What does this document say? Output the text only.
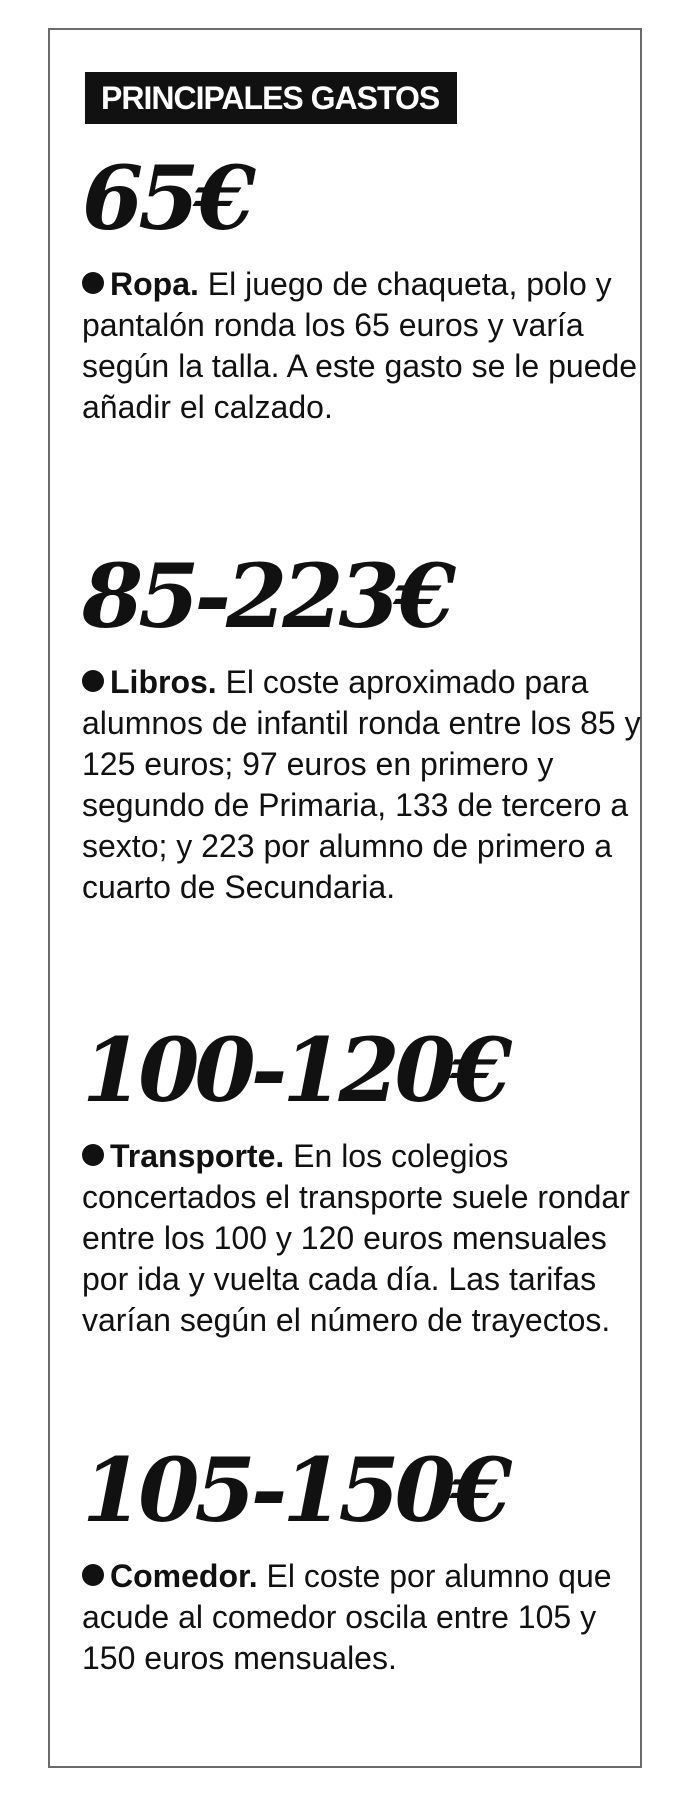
PRINCIPALES GASTOS
65€
Ropa. El juego de chaqueta, polo y pantalón ronda los 65 euros y varía según la talla. A este gasto se le puede añadir el calzado.
85-223€
Libros. El coste aproximado para alumnos de infantil ronda entre los 85 y 125 euros; 97 euros en primero y segundo de Primaria, 133 de tercero a sexto; y 223 por alumno de primero a cuarto de Secundaria.
100-120€
Transporte. En los colegios concertados el transporte suele rondar entre los 100 y 120 euros mensuales por ida y vuelta cada día. Las tarifas varían según el número de trayectos.
105-150€
Comedor. El coste por alumno que acude al comedor oscila entre 105 y 150 euros mensuales.
